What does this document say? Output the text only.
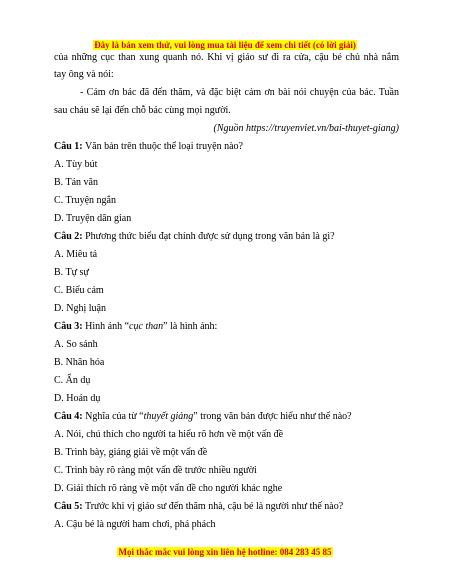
Đây là bản xem thử, vui lòng mua tài liệu để xem chi tiết (có lời giải)
của những cục than xung quanh nó. Khi vị giáo sư đi ra cửa, cậu bé chủ nhà nắm
tay ông và nói:
- Cảm ơn bác đã đến thăm, và đặc biệt cảm ơn bài nói chuyện của bác. Tuần
sau cháu sẽ lại đến chỗ bác cùng mọi người.
(Nguồn https://truyenviet.vn/bai-thuyet-giang)
Câu 1: Văn bản trên thuộc thể loại truyện nào?
A. Tùy bút
B. Tản văn
C. Truyện ngắn
D. Truyện dân gian
Câu 2: Phương thức biểu đạt chính được sử dụng trong văn bản là gì?
A. Miêu tả
B. Tự sự
C. Biểu cảm
D. Nghị luận
Câu 3: Hình ảnh “cục than” là hình ảnh:
A. So sánh
B. Nhân hóa
C. Ẩn dụ
D. Hoán dụ
Câu 4: Nghĩa của từ “thuyết giảng” trong văn bản được hiểu như thế nào?
A. Nói, chú thích cho người ta hiểu rõ hơn về một vấn đề
B. Trình bày, giảng giải về một vấn đề
C. Trình bày rõ ràng một vấn đề trước nhiều người
D. Giải thích rõ ràng về một vấn đề cho người khác nghe
Câu 5: Trước khi vị giáo sư đến thăm nhà, cậu bé là người như thế nào?
A. Cậu bé là người ham chơi, phá phách
Mọi thắc mắc vui lòng xin liên hệ hotline: 084 283 45 85
